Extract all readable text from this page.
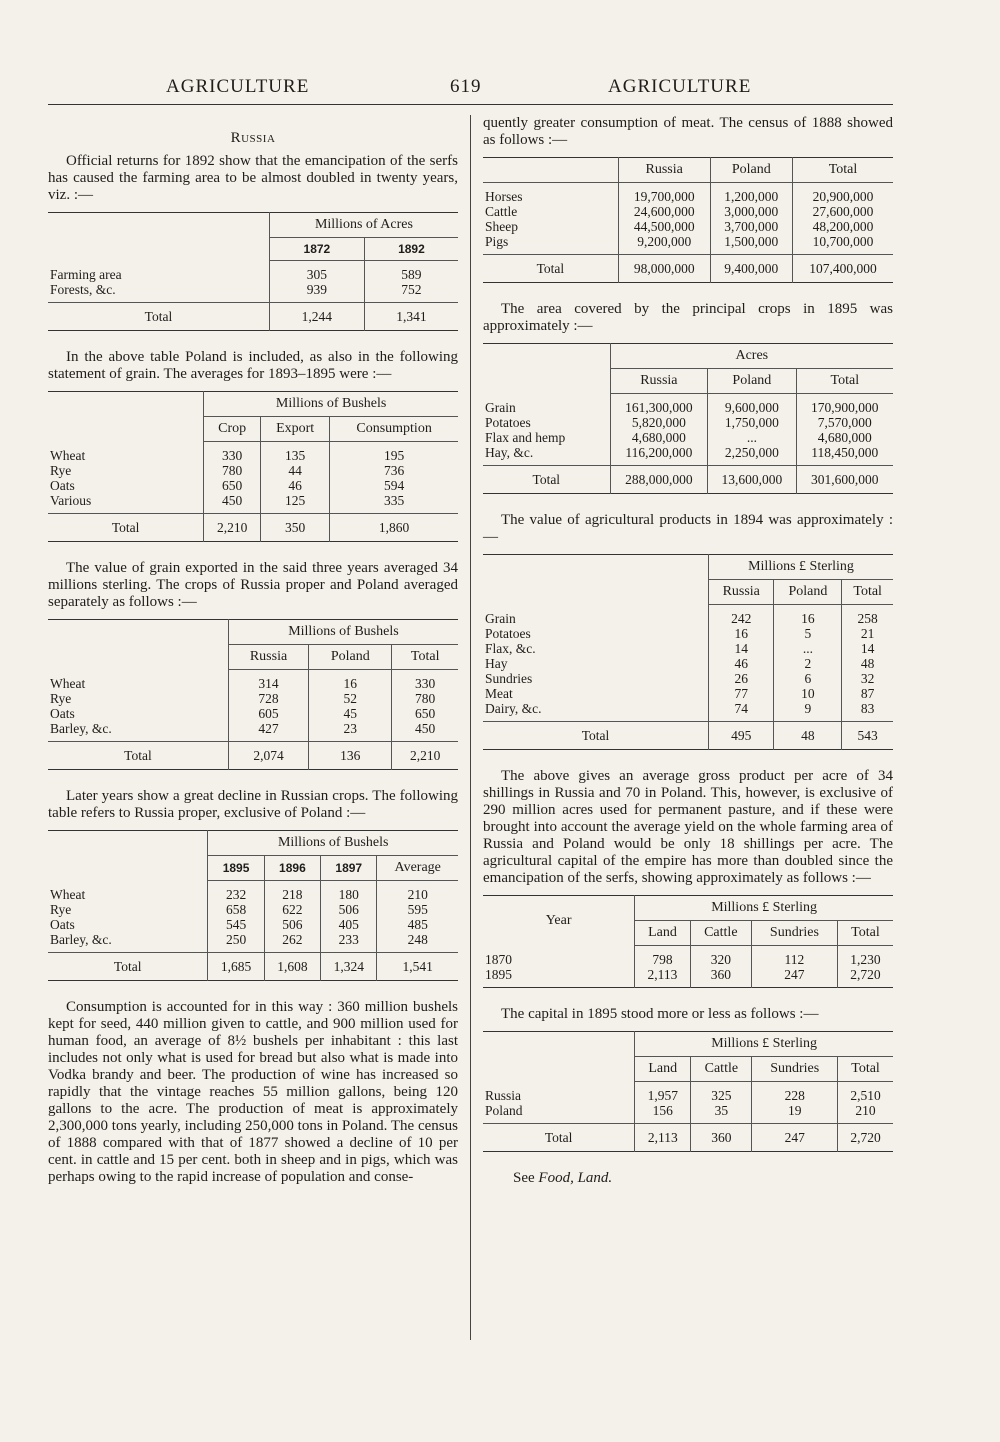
AGRICULTURE	619	AGRICULTURE
Russia

Official returns for 1892 show that the emancipation of the serfs has caused the farming area to be almost doubled in twenty years, viz. :—

	Millions of Acres	
	1872	1892
Farming area	305	589
Forests, &c.	939	752
Total	1,244	1,341

In the above table Poland is included, as also in the following statement of grain. The averages for 1893–1895 were :—

	Millions of Bushels		
	Crop	Export	Consumption
Wheat	330	135	195
Rye	780	44	736
Oats	650	46	594
Various	450	125	335
Total	2,210	350	1,860

The value of grain exported in the said three years averaged 34 millions sterling. The crops of Russia proper and Poland averaged separately as follows :—

	Millions of Bushels		
	Russia	Poland	Total
Wheat	314	16	330
Rye	728	52	780
Oats	605	45	650
Barley, &c.	427	23	450
Total	2,074	136	2,210

Later years show a great decline in Russian crops. The following table refers to Russia proper, exclusive of Poland :—

	Millions of Bushels			
	1895	1896	1897	Average
Wheat	232	218	180	210
Rye	658	622	506	595
Oats	545	506	405	485
Barley, &c.	250	262	233	248
Total	1,685	1,608	1,324	1,541

Consumption is accounted for in this way : 360 million bushels kept for seed, 440 million given to cattle, and 900 million used for human food, an average of 8½ bushels per inhabitant : this last includes not only what is used for bread but also what is made into Vodka brandy and beer. The production of wine has increased so rapidly that the vintage reaches 55 million gallons, being 120 gallons to the acre. The production of meat is approximately 2,300,000 tons yearly, including 250,000 tons in Poland. The census of 1888 compared with that of 1877 showed a decline of 10 per cent. in cattle and 15 per cent. both in sheep and in pigs, which was perhaps owing to the rapid increase of population and conse-

quently greater consumption of meat. The census of 1888 showed as follows :—

	Russia	Poland	Total
Horses	19,700,000	1,200,000	20,900,000
Cattle	24,600,000	3,000,000	27,600,000
Sheep	44,500,000	3,700,000	48,200,000
Pigs	9,200,000	1,500,000	10,700,000
Total	98,000,000	9,400,000	107,400,000

The area covered by the principal crops in 1895 was approximately :—

	Acres		
	Russia	Poland	Total
Grain	161,300,000	9,600,000	170,900,000
Potatoes	5,820,000	1,750,000	7,570,000
Flax and hemp	4,680,000	...	4,680,000
Hay, &c.	116,200,000	2,250,000	118,450,000
Total	288,000,000	13,600,000	301,600,000

The value of agricultural products in 1894 was approximately :—

	Millions £ Sterling		
	Russia	Poland	Total
Grain	242	16	258
Potatoes	16	5	21
Flax, &c.	14	...	14
Hay	46	2	48
Sundries	26	6	32
Meat	77	10	87
Dairy, &c.	74	9	83
Total	495	48	543

The above gives an average gross product per acre of 34 shillings in Russia and 70 in Poland. This, however, is exclusive of 290 million acres used for permanent pasture, and if these were brought into account the average yield on the whole farming area of Russia and Poland would be only 18 shillings per acre. The agricultural capital of the empire has more than doubled since the emancipation of the serfs, showing approximately as follows :—

Year	Millions £ Sterling			
	Land	Cattle	Sundries	Total
1870	798	320	112	1,230
1895	2,113	360	247	2,720

The capital in 1895 stood more or less as follows :—

	Millions £ Sterling			
	Land	Cattle	Sundries	Total
Russia	1,957	325	228	2,510
Poland	156	35	19	210
Total	2,113	360	247	2,720
See Food, Land.
